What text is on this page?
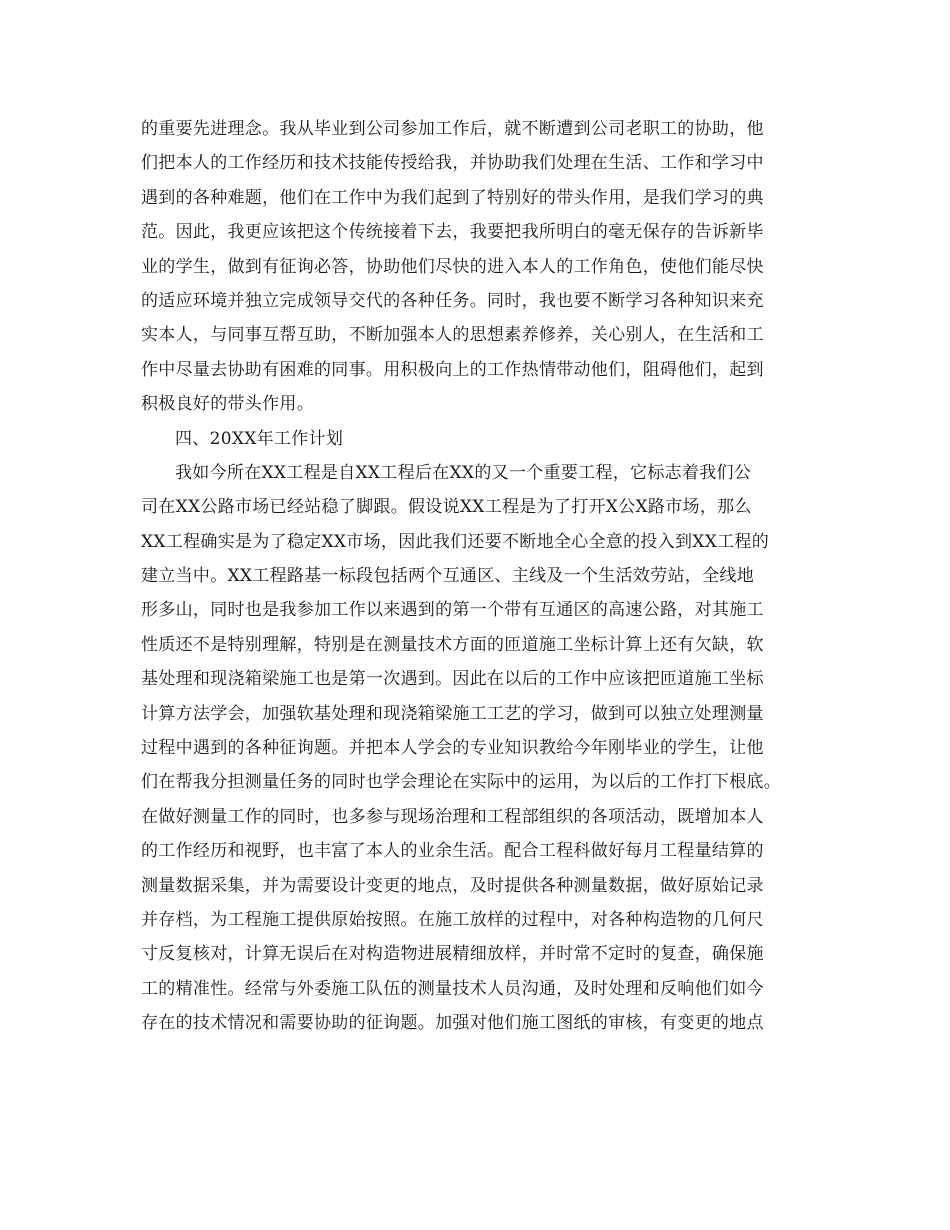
的重要先进理念。我从毕业到公司参加工作后，就不断遭到公司老职工的协助，他
们把本人的工作经历和技术技能传授给我，并协助我们处理在生活、工作和学习中
遇到的各种难题，他们在工作中为我们起到了特别好的带头作用，是我们学习的典
范。因此，我更应该把这个传统接着下去，我要把我所明白的毫无保存的告诉新毕
业的学生，做到有征询必答，协助他们尽快的进入本人的工作角色，使他们能尽快
的适应环境并独立完成领导交代的各种任务。同时，我也要不断学习各种知识来充
实本人，与同事互帮互助，不断加强本人的思想素养修养，关心别人，在生活和工
作中尽量去协助有困难的同事。用积极向上的工作热情带动他们，阻碍他们，起到
积极良好的带头作用。
四、20XX年工作计划
我如今所在XX工程是自XX工程后在XX的又一个重要工程，它标志着我们公
司在XX公路市场已经站稳了脚跟。假设说XX工程是为了打开X公X路市场，那么
XX工程确实是为了稳定XX市场，因此我们还要不断地全心全意的投入到XX工程的
建立当中。XX工程路基一标段包括两个互通区、主线及一个生活效劳站，全线地
形多山，同时也是我参加工作以来遇到的第一个带有互通区的高速公路，对其施工
性质还不是特别理解，特别是在测量技术方面的匝道施工坐标计算上还有欠缺，软
基处理和现浇箱梁施工也是第一次遇到。因此在以后的工作中应该把匝道施工坐标
计算方法学会，加强软基处理和现浇箱梁施工工艺的学习，做到可以独立处理测量
过程中遇到的各种征询题。并把本人学会的专业知识教给今年刚毕业的学生，让他
们在帮我分担测量任务的同时也学会理论在实际中的运用，为以后的工作打下根底。
在做好测量工作的同时，也多参与现场治理和工程部组织的各项活动，既增加本人
的工作经历和视野，也丰富了本人的业余生活。配合工程科做好每月工程量结算的
测量数据采集，并为需要设计变更的地点，及时提供各种测量数据，做好原始记录
并存档，为工程施工提供原始按照。在施工放样的过程中，对各种构造物的几何尺
寸反复核对，计算无误后在对构造物进展精细放样，并时常不定时的复查，确保施
工的精准性。经常与外委施工队伍的测量技术人员沟通，及时处理和反响他们如今
存在的技术情况和需要协助的征询题。加强对他们施工图纸的审核，有变更的地点
